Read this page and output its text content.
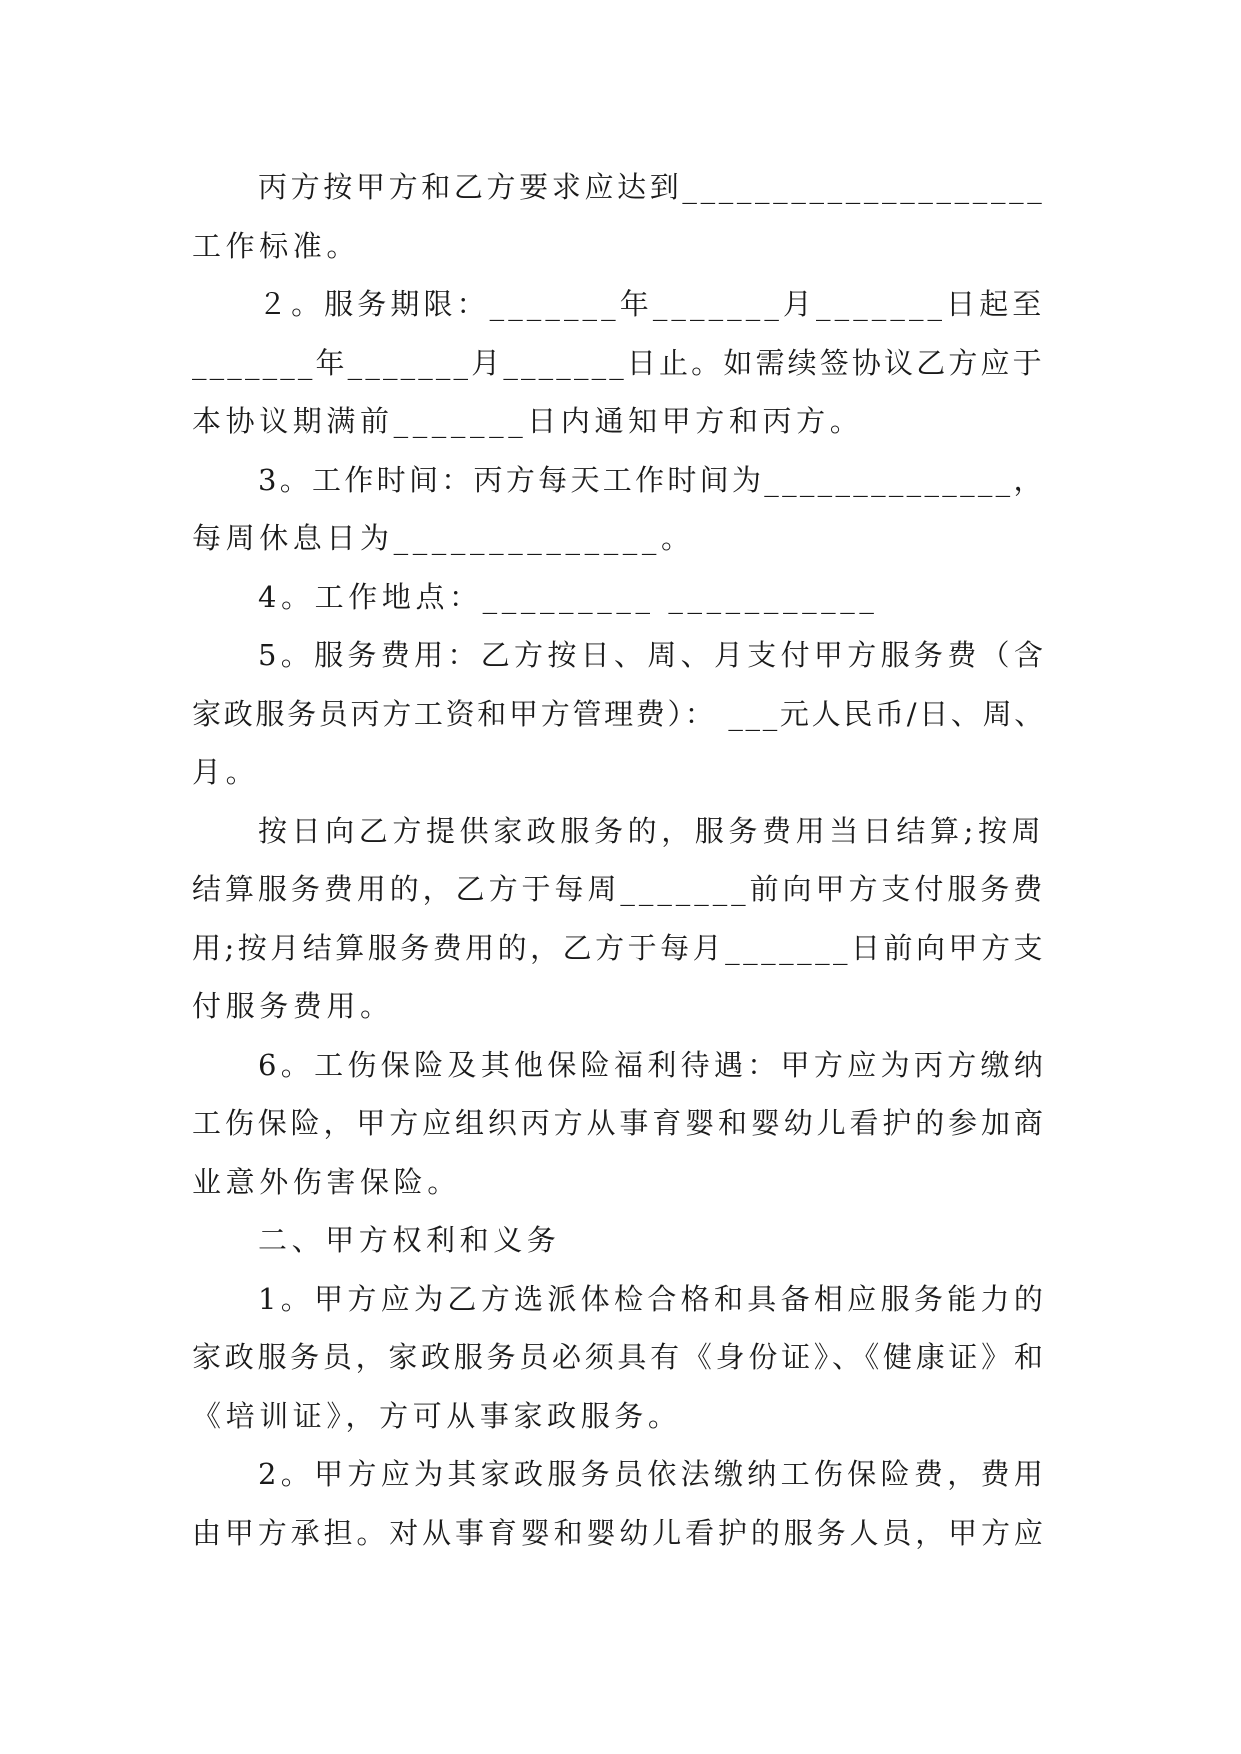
丙方按甲方和乙方要求应达到____________________
工作标准。
２。服务期限：_______年_______月_______日起至
_______年_______月_______日止。如需续签协议乙方应于
本协议期满前_______日内通知甲方和丙方。
3。工作时间：丙方每天工作时间为______________，
每周休息日为______________。
4。工作地点：_________ ___________
5。服务费用：乙方按日、周、月支付甲方服务费（含
家政服务员丙方工资和甲方管理费）： ___元人民币/日、周、
月。
按日向乙方提供家政服务的，服务费用当日结算;按周
结算服务费用的，乙方于每周_______前向甲方支付服务费
用;按月结算服务费用的，乙方于每月_______日前向甲方支
付服务费用。
6。工伤保险及其他保险福利待遇：甲方应为丙方缴纳
工伤保险，甲方应组织丙方从事育婴和婴幼儿看护的参加商
业意外伤害保险。
二、甲方权利和义务
1。甲方应为乙方选派体检合格和具备相应服务能力的
家政服务员，家政服务员必须具有《身份证》、《健康证》和
《培训证》，方可从事家政服务。
2。甲方应为其家政服务员依法缴纳工伤保险费，费用
由甲方承担。对从事育婴和婴幼儿看护的服务人员，甲方应
